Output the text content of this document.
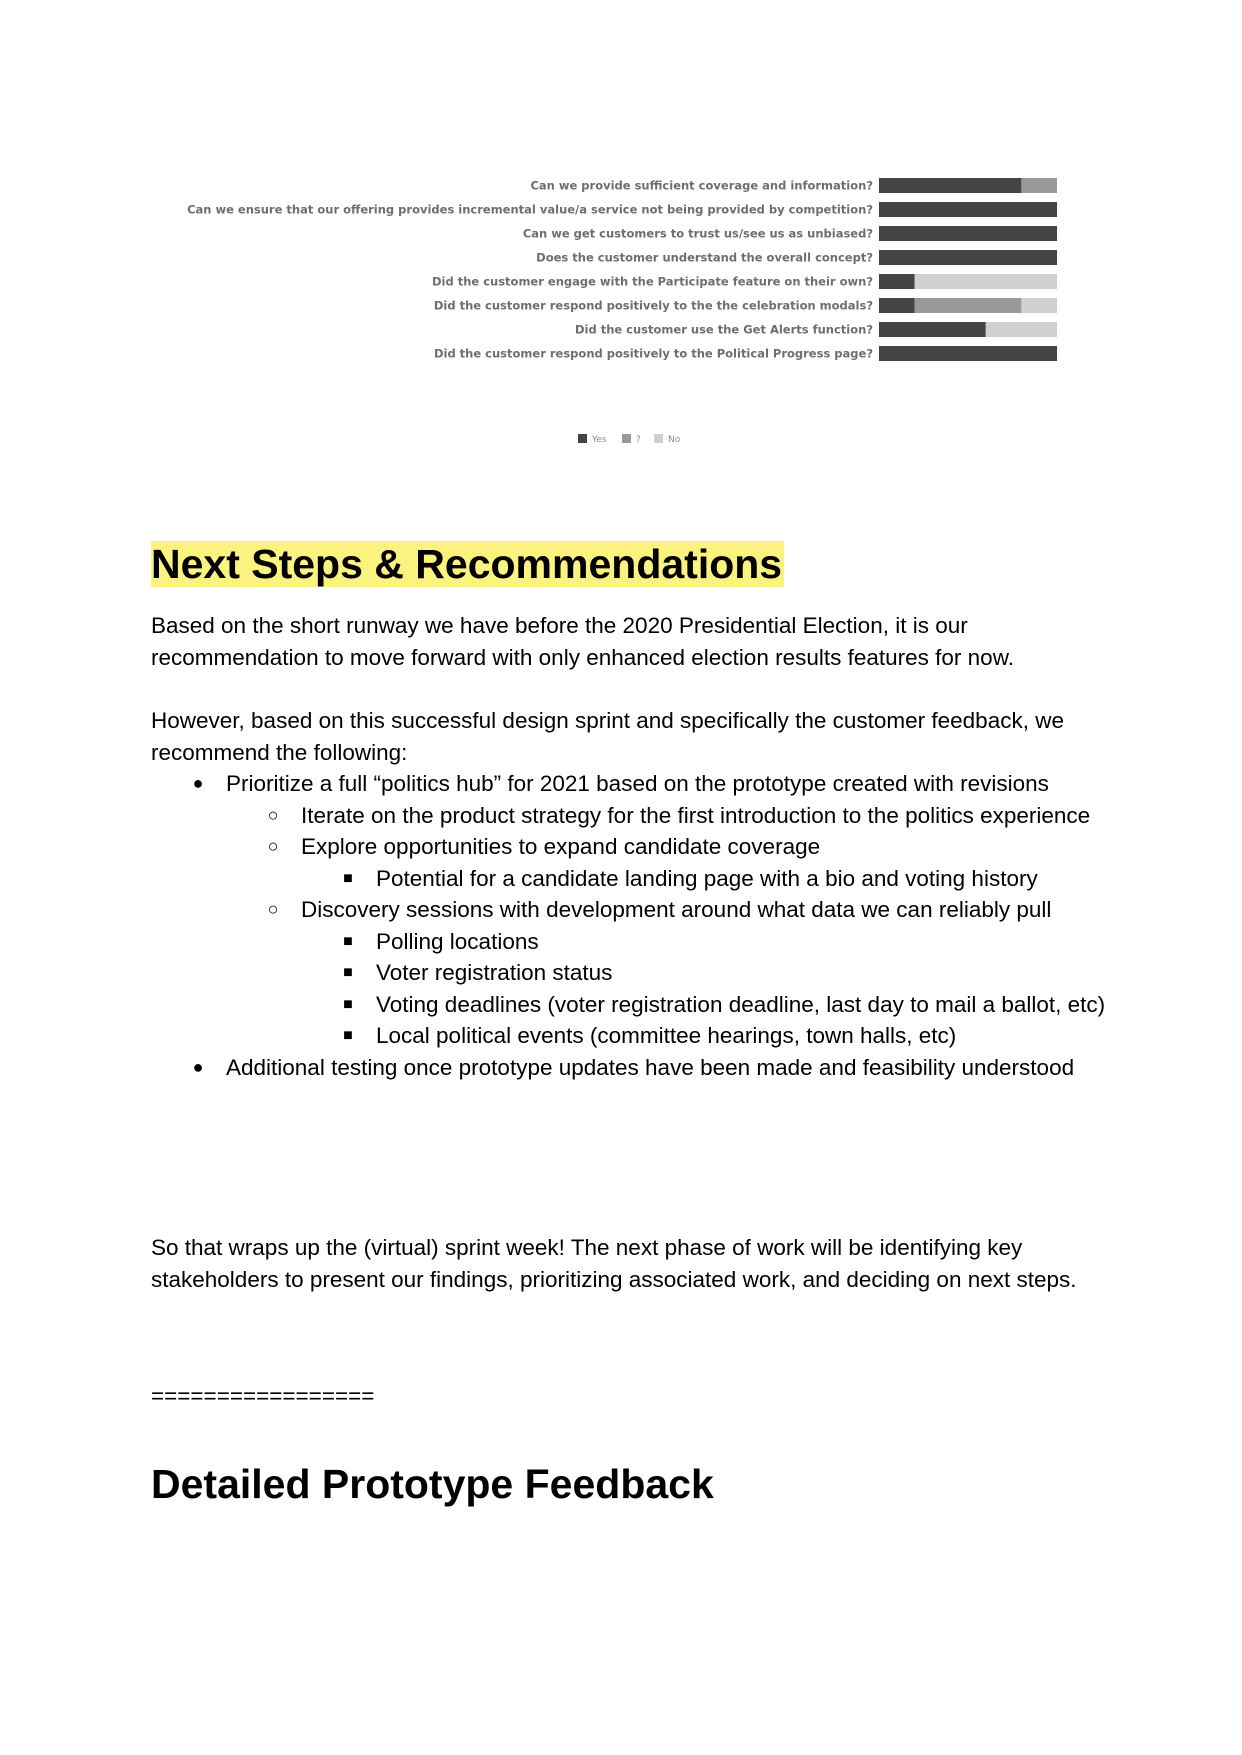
Can we provide sufficient coverage and information?
Can we ensure that our offering provides incremental value/a service not being provided by competition?
Can we get customers to trust us/see us as unbiased?
Does the customer understand the overall concept?
Did the customer engage with the Participate feature on their own?
Did the customer respond positively to the the celebration modals?
Did the customer use the Get Alerts function?
Did the customer respond positively to the Political Progress page?
Yes	?	No
Next Steps & Recommendations

Based on the short runway we have before the 2020 Presidential Election, it is our recommendation to move forward with only enhanced election results features for now.

However, based on this successful design sprint and specifically the customer feedback, we recommend the following:

● Prioritize a full “politics hub” for 2021 based on the prototype created with revisions
○ Iterate on the product strategy for the first introduction to the politics experience
○ Explore opportunities to expand candidate coverage
■ Potential for a candidate landing page with a bio and voting history
○ Discovery sessions with development around what data we can reliably pull
■ Polling locations
■ Voter registration status
■ Voting deadlines (voter registration deadline, last day to mail a ballot, etc)
■ Local political events (committee hearings, town halls, etc)
● Additional testing once prototype updates have been made and feasibility understood

So that wraps up the (virtual) sprint week! The next phase of work will be identifying key stakeholders to present our findings, prioritizing associated work, and deciding on next steps.

=================

Detailed Prototype Feedback
